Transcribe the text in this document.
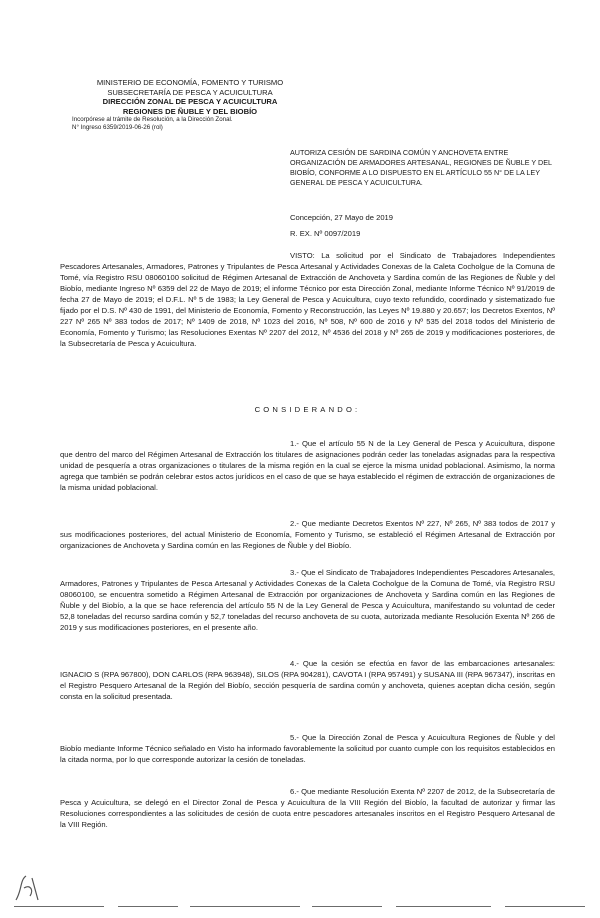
MINISTERIO DE ECONOMÍA, FOMENTO Y TURISMO
SUBSECRETARÍA DE PESCA Y ACUICULTURA
DIRECCIÓN ZONAL DE PESCA Y ACUICULTURA
REGIONES DE ÑUBLE Y DEL BIOBÍO
Incorpórese al trámite de Resolución, a la Dirección Zonal.
N° Ingreso 6359/2019-06-26 (rol)
AUTORIZA CESIÓN DE SARDINA COMÚN Y ANCHOVETA ENTRE ORGANIZACIÓN DE ARMADORES ARTESANAL, REGIONES DE ÑUBLE Y DEL BIOBÍO, CONFORME A LO DISPUESTO EN EL ARTÍCULO 55 N° DE LA LEY GENERAL DE PESCA Y ACUICULTURA.
Concepción, 27 Mayo de 2019
R. EX. Nº 0097/2019
VISTO: La solicitud por el Sindicato de Trabajadores Independientes Pescadores Artesanales, Armadores, Patrones y Tripulantes de Pesca Artesanal y Actividades Conexas de la Caleta Cocholgue de la Comuna de Tomé, vía Registro RSU 08060100 solicitud de Régimen Artesanal de Extracción de Anchoveta y Sardina común de las Regiones de Ñuble y del Biobío, mediante Ingreso Nº 6359 del 22 de Mayo de 2019; el informe Técnico por esta Dirección Zonal, mediante Informe Técnico Nº 91/2019 de fecha 27 de Mayo de 2019; el D.F.L. Nº 5 de 1983; la Ley General de Pesca y Acuicultura, cuyo texto refundido, coordinado y sistematizado fue fijado por el D.S. Nº 430 de 1991, del Ministerio de Economía, Fomento y Reconstrucción, las Leyes Nº 19.880 y 20.657; los Decretos Exentos, Nº 227 Nº 265 Nº 383 todos de 2017; Nº 1409 de 2018, Nº 1023 del 2016, Nº 508, Nº 600 de 2016 y Nº 535 del 2018 todos del Ministerio de Economía, Fomento y Turismo; las Resoluciones Exentas Nº 2207 del 2012, Nº 4536 del 2018 y Nº 265 de 2019 y modificaciones posteriores, de la Subsecretaría de Pesca y Acuicultura.
CONSIDERANDO:
1.- Que el artículo 55 N de la Ley General de Pesca y Acuicultura, dispone que dentro del marco del Régimen Artesanal de Extracción los titulares de asignaciones podrán ceder las toneladas asignadas para la respectiva unidad de pesquería a otras organizaciones o titulares de la misma región en la cual se ejerce la misma unidad poblacional. Asimismo, la norma agrega que también se podrán celebrar estos actos jurídicos en el caso de que se haya establecido el régimen de extracción de organizaciones de la misma unidad poblacional.
2.- Que mediante Decretos Exentos Nº 227, Nº 265, Nº 383 todos de 2017 y sus modificaciones posteriores, del actual Ministerio de Economía, Fomento y Turismo, se estableció el Régimen Artesanal de Extracción por organizaciones de Anchoveta y Sardina común en las Regiones de Ñuble y del Biobío.
3.- Que el Sindicato de Trabajadores Independientes Pescadores Artesanales, Armadores, Patrones y Tripulantes de Pesca Artesanal y Actividades Conexas de la Caleta Cocholgue de la Comuna de Tomé, vía Registro RSU 08060100, se encuentra sometido a Régimen Artesanal de Extracción por organizaciones de Anchoveta y Sardina común en las Regiones de Ñuble y del Biobío, a la que se hace referencia del artículo 55 N de la Ley General de Pesca y Acuicultura, manifestando su voluntad de ceder 52,8 toneladas del recurso sardina común y 52,7 toneladas del recurso anchoveta de su cuota, autorizada mediante Resolución Exenta Nº 266 de 2019 y sus modificaciones posteriores, en el presente año.
4.- Que la cesión se efectúa en favor de las embarcaciones artesanales: IGNACIO S (RPA 967800), DON CARLOS (RPA 963948), SILOS (RPA 904281), CAVOTA I (RPA 957491) y SUSANA III (RPA 967347), inscritas en el Registro Pesquero Artesanal de la Región del Biobío, sección pesquería de sardina común y anchoveta, quienes aceptan dicha cesión, según consta en la solicitud presentada.
5.- Que la Dirección Zonal de Pesca y Acuicultura Regiones de Ñuble y del Biobío mediante Informe Técnico señalado en Visto ha informado favorablemente la solicitud por cuanto cumple con los requisitos establecidos en la citada norma, por lo que corresponde autorizar la cesión de toneladas.
6.- Que mediante Resolución Exenta Nº 2207 de 2012, de la Subsecretaría de Pesca y Acuicultura, se delegó en el Director Zonal de Pesca y Acuicultura de la VIII Región del Biobío, la facultad de autorizar y firmar las Resoluciones correspondientes a las solicitudes de cesión de cuota entre pescadores artesanales inscritos en el Registro Pesquero Artesanal de la VIII Región.
